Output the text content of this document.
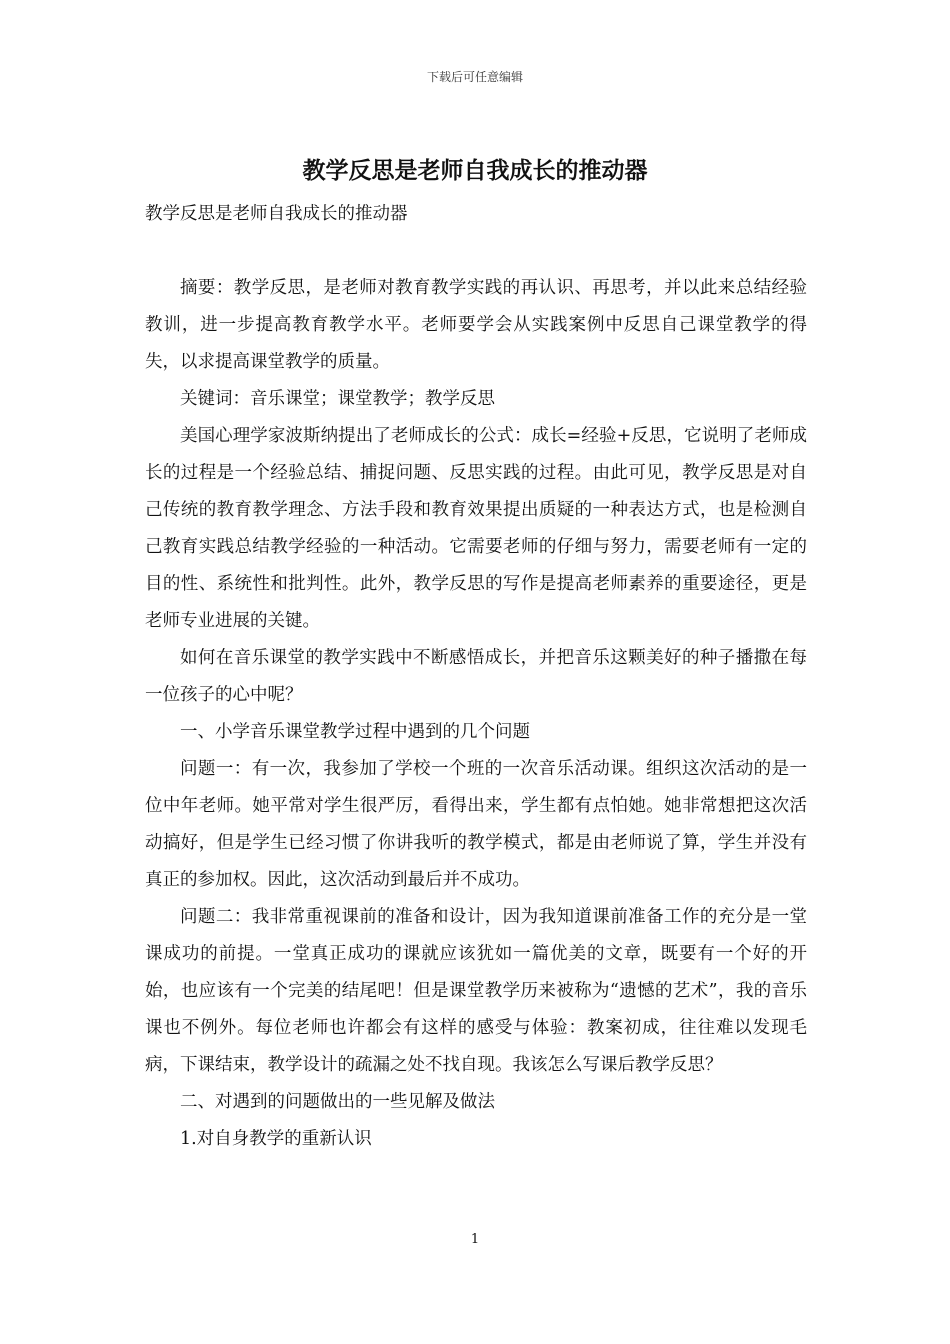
下载后可任意编辑
教学反思是老师自我成长的推动器

教学反思是老师自我成长的推动器

摘要：教学反思，是老师对教育教学实践的再认识、再思考，并以此来总结经验教训，进一步提高教育教学水平。老师要学会从实践案例中反思自己课堂教学的得失，以求提高课堂教学的质量。

关键词：音乐课堂；课堂教学；教学反思

美国心理学家波斯纳提出了老师成长的公式：成长=经验+反思，它说明了老师成长的过程是一个经验总结、捕捉问题、反思实践的过程。由此可见，教学反思是对自己传统的教育教学理念、方法手段和教育效果提出质疑的一种表达方式，也是检测自己教育实践总结教学经验的一种活动。它需要老师的仔细与努力，需要老师有一定的目的性、系统性和批判性。此外，教学反思的写作是提高老师素养的重要途径，更是老师专业进展的关键。

如何在音乐课堂的教学实践中不断感悟成长，并把音乐这颗美好的种子播撒在每一位孩子的心中呢？

一、小学音乐课堂教学过程中遇到的几个问题

问题一：有一次，我参加了学校一个班的一次音乐活动课。组织这次活动的是一位中年老师。她平常对学生很严厉，看得出来，学生都有点怕她。她非常想把这次活动搞好，但是学生已经习惯了你讲我听的教学模式，都是由老师说了算，学生并没有真正的参加权。因此，这次活动到最后并不成功。

问题二：我非常重视课前的准备和设计，因为我知道课前准备工作的充分是一堂课成功的前提。一堂真正成功的课就应该犹如一篇优美的文章，既要有一个好的开始，也应该有一个完美的结尾吧！但是课堂教学历来被称为“遗憾的艺术”，我的音乐课也不例外。每位老师也许都会有这样的感受与体验：教案初成，往往难以发现毛病，下课结束，教学设计的疏漏之处不找自现。我该怎么写课后教学反思？

二、对遇到的问题做出的一些见解及做法

1.对自身教学的重新认识

1
